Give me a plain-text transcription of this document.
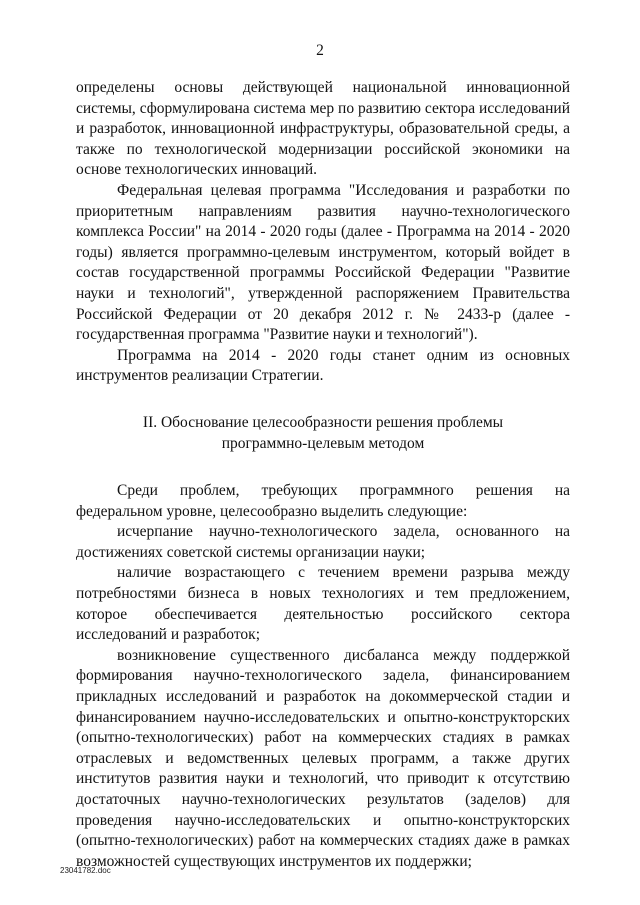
2

определены основы действующей национальной инновационной системы, сформулирована система мер по развитию сектора исследований и разработок, инновационной инфраструктуры, образовательной среды, а также по технологической модернизации российской экономики на основе технологических инноваций.

Федеральная целевая программа "Исследования и разработки по приоритетным направлениям развития научно-технологического комплекса России" на 2014 - 2020 годы (далее - Программа на 2014 - 2020 годы) является программно-целевым инструментом, который войдет в состав государственной программы Российской Федерации "Развитие науки и технологий", утвержденной распоряжением Правительства Российской Федерации от 20 декабря 2012 г. № 2433-р (далее - государственная программа "Развитие науки и технологий").

Программа на 2014 - 2020 годы станет одним из основных инструментов реализации Стратегии.

II. Обоснование целесообразности решения проблемы
программно-целевым методом

Среди проблем, требующих программного решения на федеральном уровне, целесообразно выделить следующие:

исчерпание научно-технологического задела, основанного на достижениях советской системы организации науки;

наличие возрастающего с течением времени разрыва между потребностями бизнеса в новых технологиях и тем предложением, которое обеспечивается деятельностью российского сектора исследований и разработок;

возникновение существенного дисбаланса между поддержкой формирования научно-технологического задела, финансированием прикладных исследований и разработок на докоммерческой стадии и финансированием научно-исследовательских и опытно-конструкторских (опытно-технологических) работ на коммерческих стадиях в рамках отраслевых и ведомственных целевых программ, а также других институтов развития науки и технологий, что приводит к отсутствию достаточных научно-технологических результатов (заделов) для проведения научно-исследовательских и опытно-конструкторских (опытно-технологических) работ на коммерческих стадиях даже в рамках возможностей существующих инструментов их поддержки;

23041782.doc
